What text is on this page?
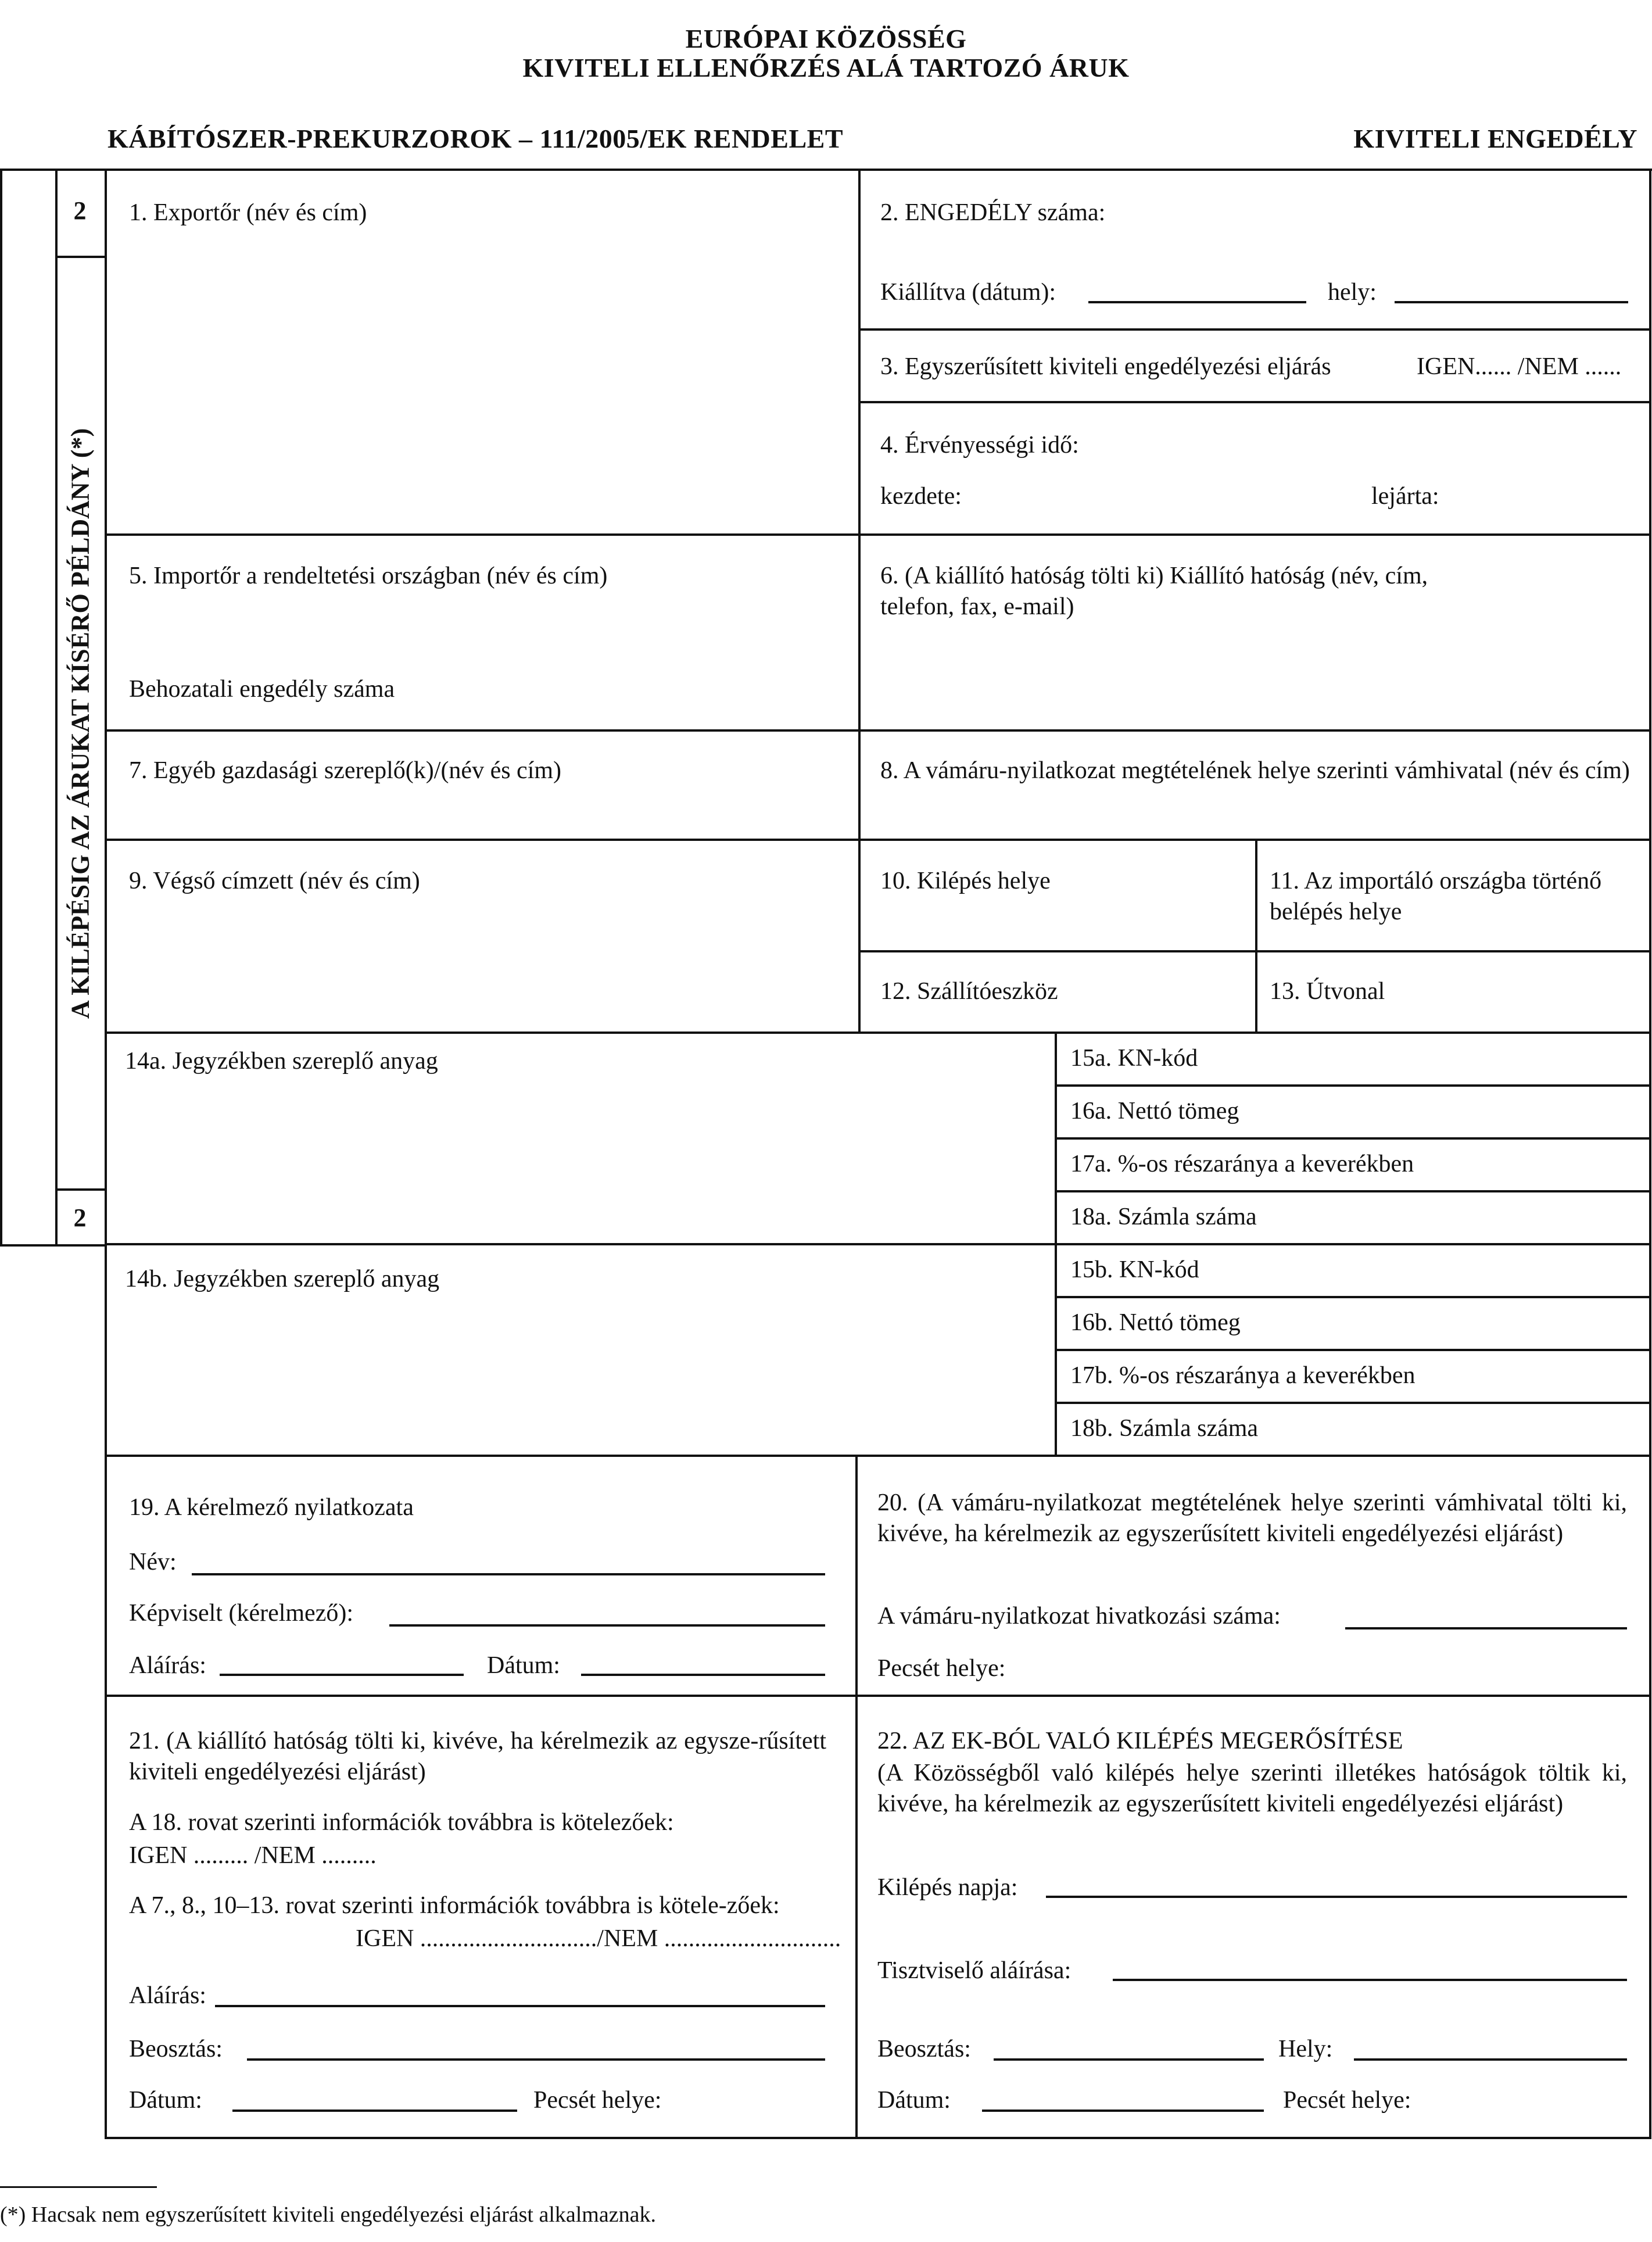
EURÓPAI KÖZÖSSÉG
KIVITELI ELLENŐRZÉS ALÁ TARTOZÓ ÁRUK
KÁBÍTÓSZER-PREKURZOROK – 111/2005/EK RENDELET	KIVITELI ENGEDÉLY
2
2
A KILÉPÉSIG AZ ÁRUKAT KÍSÉRŐ PÉLDÁNY (*)
1. Exportőr (név és cím)	2. ENGEDÉLY száma:
Kiállítva (dátum):	hely:
3. Egyszerűsített kiviteli engedélyezési eljárás	IGEN...... /NEM ......
4. Érvényességi idő:
kezdete:	lejárta:
5. Importőr a rendeltetési országban (név és cím)
Behozatali engedély száma
6. (A kiállító hatóság tölti ki) Kiállító hatóság (név, cím, telefon, fax, e-mail)
7. Egyéb gazdasági szereplő(k)/(név és cím)	8. A vámáru-nyilatkozat megtételének helye szerinti vámhivatal (név és cím)
9. Végső címzett (név és cím)	10. Kilépés helye	11. Az importáló országba történő belépés helye
12. Szállítóeszköz	13. Útvonal
14a. Jegyzékben szereplő anyag	15a. KN-kód
16a. Nettó tömeg
17a. %-os részaránya a keverékben
18a. Számla száma
14b. Jegyzékben szereplő anyag	15b. KN-kód
16b. Nettó tömeg
17b. %-os részaránya a keverékben
18b. Számla száma
19. A kérelmező nyilatkozata
Név:
Képviselt (kérelmező):
Aláírás:	Dátum:
20. (A vámáru-nyilatkozat megtételének helye szerinti vámhivatal tölti ki, kivéve, ha kérelmezik az egyszerűsített kiviteli engedélyezési eljárást)
A vámáru-nyilatkozat hivatkozási száma:
Pecsét helye:
21. (A kiállító hatóság tölti ki, kivéve, ha kérelmezik az egysze-rűsített kiviteli engedélyezési eljárást)
A 18. rovat szerinti információk továbbra is kötelezőek:
IGEN ......... /NEM .........
A 7., 8., 10–13. rovat szerinti információk továbbra is kötele-zőek:
IGEN ............................./NEM .............................
Aláírás:
Beosztás:
Dátum:	Pecsét helye:
22. AZ EK-BÓL VALÓ KILÉPÉS MEGERŐSÍTÉSE
(A Közösségből való kilépés helye szerinti illetékes hatóságok töltik ki, kivéve, ha kérelmezik az egyszerűsített kiviteli engedélyezési eljárást)
Kilépés napja:
Tisztviselő aláírása:
Beosztás:	Hely:
Dátum:	Pecsét helye:
(*) Hacsak nem egyszerűsített kiviteli engedélyezési eljárást alkalmaznak.
